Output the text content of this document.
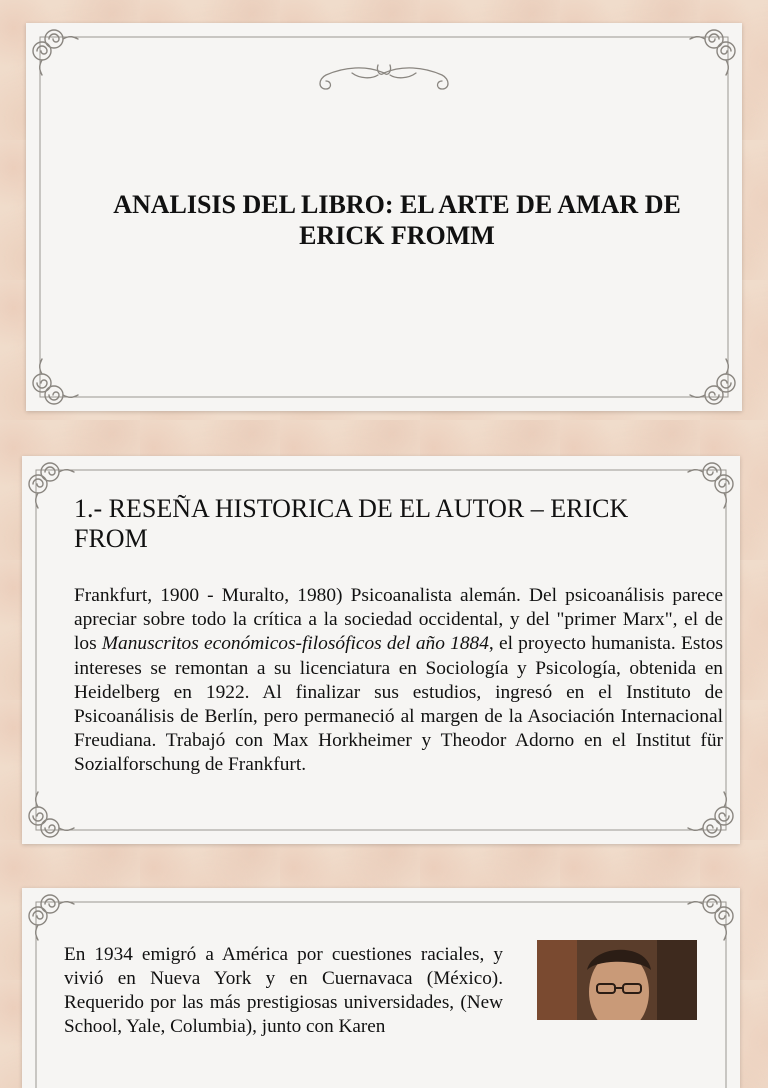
ANALISIS DEL LIBRO: EL ARTE DE AMAR DE
ERICK FROMM
1.- RESEÑA HISTORICA DE EL AUTOR – ERICK FROM
Frankfurt, 1900 - Muralto, 1980) Psicoanalista alemán. Del psicoanálisis parece apreciar sobre todo la crítica a la sociedad occidental, y del "primer Marx", el de los Manuscritos económicos-filosóficos del año 1884, el proyecto humanista. Estos intereses se remontan a su licenciatura en Sociología y Psicología, obtenida en Heidelberg en 1922. Al finalizar sus estudios, ingresó en el Instituto de Psicoanálisis de Berlín, pero permaneció al margen de la Asociación Internacional Freudiana. Trabajó con Max Horkheimer y Theodor Adorno en el Institut für Sozialforschung de Frankfurt.
En 1934 emigró a América por cuestiones raciales, y vivió en Nueva York y en Cuernavaca (México). Requerido por las más prestigiosas universidades, (New School, Yale, Columbia), junto con Karen
